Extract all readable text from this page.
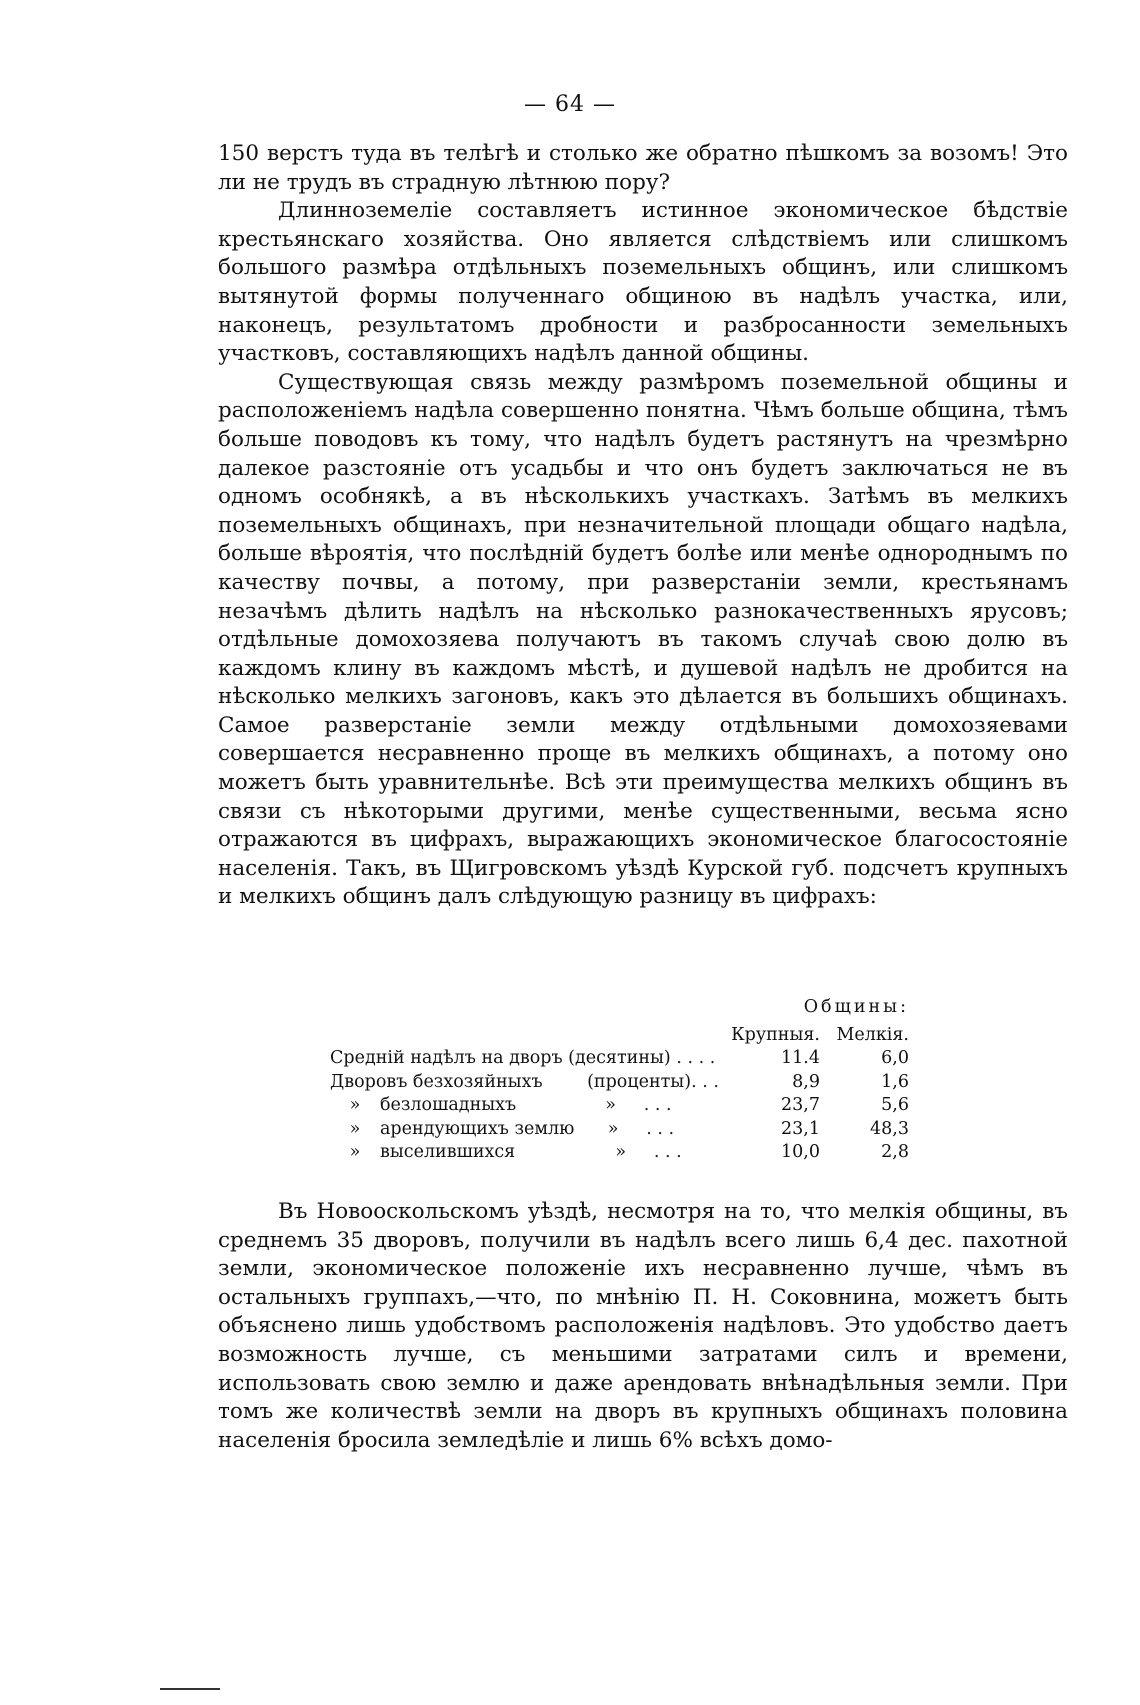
— 64 —

150 верстъ туда въ телѣгѣ и столько же обратно пѣшкомъ за возомъ! Это ли не трудъ въ страдную лѣтнюю пору?

Длинноземеліе составляетъ истинное экономическое бѣдствіе крестьянскаго хозяйства. Оно является слѣдствіемъ или слишкомъ большого размѣра отдѣльныхъ поземельныхъ общинъ, или слишкомъ вытянутой формы полученнаго общиною въ надѣлъ участка, или, наконецъ, результатомъ дробности и разбросанности земельныхъ участковъ, составляющихъ надѣлъ данной общины.

Существующая связь между размѣромъ поземельной общины и расположеніемъ надѣла совершенно понятна. Чѣмъ больше община, тѣмъ больше поводовъ къ тому, что надѣлъ будетъ растянутъ на чрезмѣрно далекое разстояніе отъ усадьбы и что онъ будетъ заключаться не въ одномъ особнякѣ, а въ нѣсколькихъ участкахъ. Затѣмъ въ мелкихъ поземельныхъ общинахъ, при незначительной площади общаго надѣла, больше вѣроятія, что послѣдній будетъ болѣе или менѣе однороднымъ по качеству почвы, а потому, при разверстаніи земли, крестьянамъ незачѣмъ дѣлить надѣлъ на нѣсколько разнокачественныхъ ярусовъ; отдѣльные домохозяева получаютъ въ такомъ случаѣ свою долю въ каждомъ клину въ каждомъ мѣстѣ, и душевой надѣлъ не дробится на нѣсколько мелкихъ загоновъ, какъ это дѣлается въ большихъ общинахъ. Самое разверстаніе земли между отдѣльными домохозяевами совершается несравненно проще въ мелкихъ общинахъ, а потому оно можетъ быть уравнительнѣе. Всѣ эти преимущества мелкихъ общинъ въ связи съ нѣкоторыми другими, менѣе существенными, весьма ясно отражаются въ цифрахъ, выражающихъ экономическое благосостояніе населенія. Такъ, въ Щигровскомъ уѣздѣ Курской губ. подсчетъ крупныхъ и мелкихъ общинъ далъ слѣдующую разницу въ цифрахъ:

	Общины:	
	Крупныя.	Мелкія.
Среднiй надѣлъ на дворъ (десятины) . . . .	11.4	6,0
Дворовъ безхозяйныхъ (проценты). . .	8,9	1,6
» безлошадныхъ » . . .	23,7	5,6
» арендующихъ землю » . . .	23,1	48,3
» выселившихся » . . .	10,0	2,8

Въ Новооскольскомъ уѣздѣ, несмотря на то, что мелкія общины, въ среднемъ 35 дворовъ, получили въ надѣлъ всего лишь 6,4 дес. пахотной земли, экономическое положеніе ихъ несравненно лучше, чѣмъ въ остальныхъ группахъ,—что, по мнѣнію П. Н. Соковнина, можетъ быть объяснено лишь удобствомъ расположенія надѣловъ. Это удобство даетъ возможность лучше, съ меньшими затратами силъ и времени, использовать свою землю и даже арендовать внѣнадѣльныя земли. При томъ же количествѣ земли на дворъ въ крупныхъ общинахъ половина населенія бросила земледѣліе и лишь 6% всѣхъ домо-
